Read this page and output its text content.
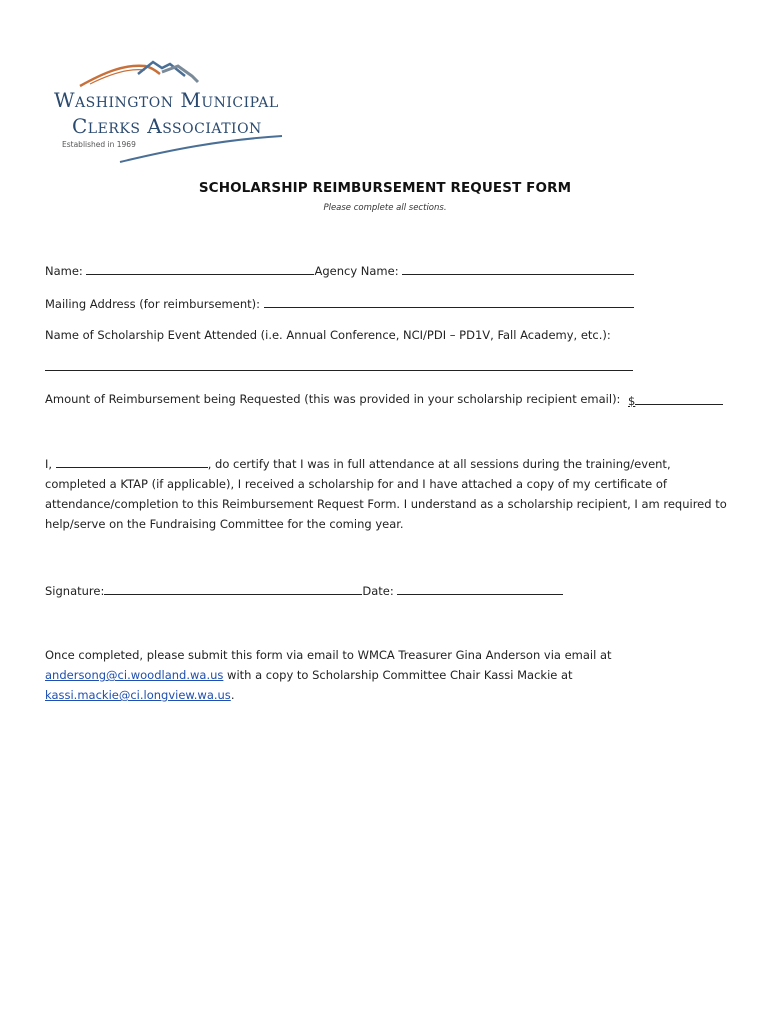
Washington Municipal
Clerks Association
Established in 1969
SCHOLARSHIP REIMBURSEMENT REQUEST FORM
Please complete all sections.
Name:	Agency Name:
Mailing Address (for reimbursement):
Name of Scholarship Event Attended (i.e. Annual Conference, NCI/PDI – PD1V, Fall Academy, etc.):
Amount of Reimbursement being Requested (this was provided in your scholarship recipient email): $
I,	, do certify that I was in full attendance at all sessions during the training/event, completed a KTAP (if applicable), I received a scholarship for and I have attached a copy of my certificate of attendance/completion to this Reimbursement Request Form. I understand as a scholarship recipient, I am required to help/serve on the Fundraising Committee for the coming year.
Signature:	Date:
Once completed, please submit this form via email to WMCA Treasurer Gina Anderson via email at
andersong@ci.woodland.wa.us with a copy to Scholarship Committee Chair Kassi Mackie at
kassi.mackie@ci.longview.wa.us.
